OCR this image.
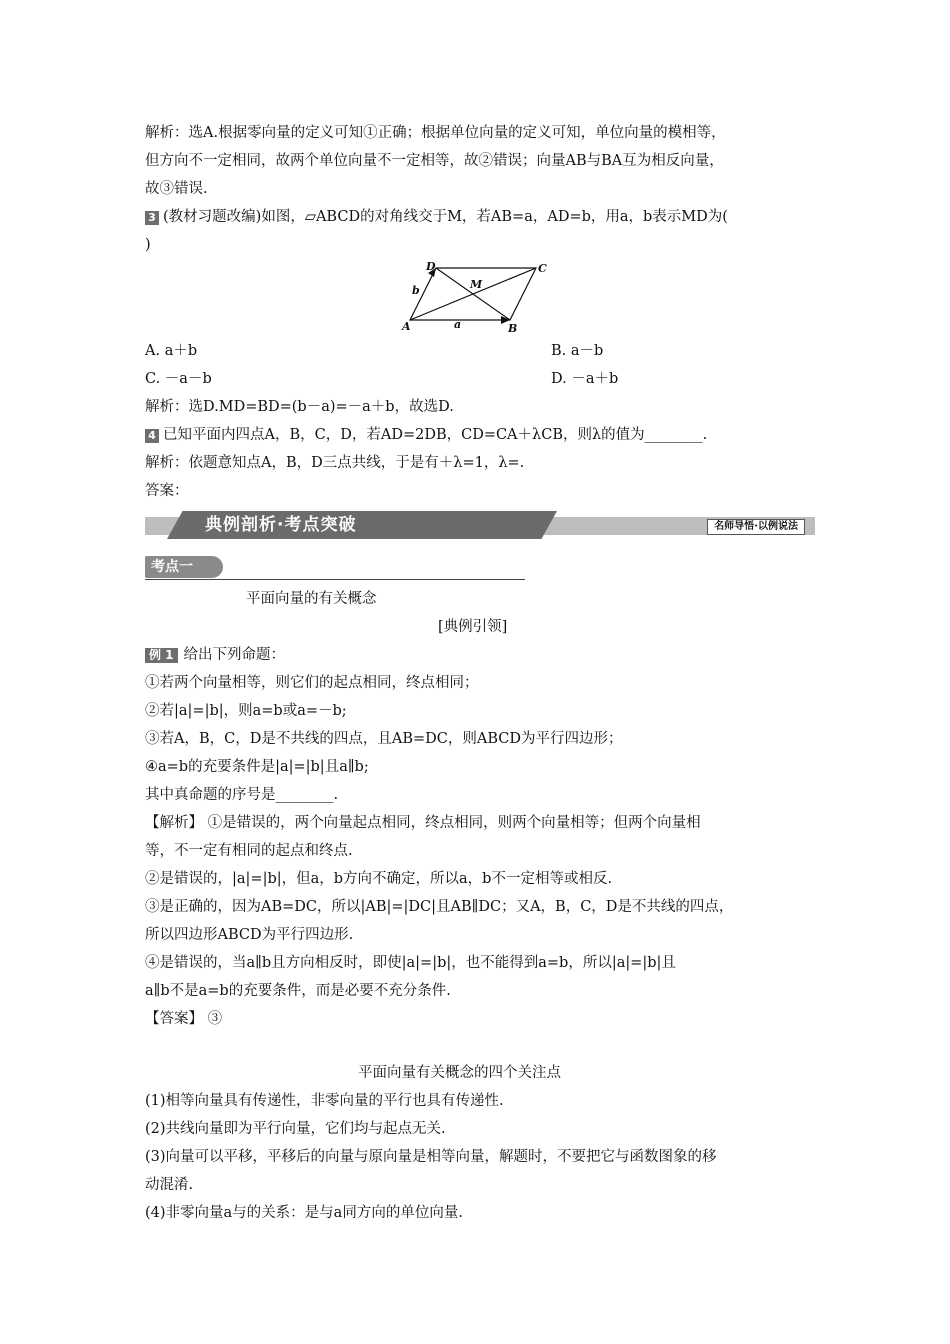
解析：选A.根据零向量的定义可知①正确；根据单位向量的定义可知，单位向量的模相等，
但方向不一定相同，故两个单位向量不一定相等，故②错误；向量AB与BA互为相反向量，
故③错误.
3 (教材习题改编)如图，▱ABCD的对角线交于M，若AB=a，AD=b，用a，b表示MD为(
)
D	C
M
A	B
a
b
A. a＋b	B. a－b
C. －a－b	D. －a＋b
解析：选D.MD=BD=(b－a)=－a＋b，故选D.
4 已知平面内四点A，B，C，D，若AD=2DB，CD=CA＋λCB，则λ的值为________.
解析：依题意知点A，B，D三点共线，于是有＋λ=1，λ=.
答案：
典例剖析·考点突破	名师导悟·以例说法
考点一
平面向量的有关概念
[典例引领]
例 1 给出下列命题：
①若两个向量相等，则它们的起点相同，终点相同；
②若|a|=|b|，则a=b或a=－b;
③若A，B，C，D是不共线的四点，且AB=DC，则ABCD为平行四边形；
④a=b的充要条件是|a|=|b|且a∥b;
其中真命题的序号是________.
【解析】 ①是错误的，两个向量起点相同，终点相同，则两个向量相等；但两个向量相
等，不一定有相同的起点和终点.
②是错误的，|a|=|b|，但a，b方向不确定，所以a，b不一定相等或相反.
③是正确的，因为AB=DC，所以|AB|=|DC|且AB∥DC；又A，B，C，D是不共线的四点，
所以四边形ABCD为平行四边形.
④是错误的，当a∥b且方向相反时，即使|a|=|b|，也不能得到a=b，所以|a|=|b|且
a∥b不是a=b的充要条件，而是必要不充分条件.
【答案】 ③
平面向量有关概念的四个关注点
(1)相等向量具有传递性，非零向量的平行也具有传递性.
(2)共线向量即为平行向量，它们均与起点无关.
(3)向量可以平移，平移后的向量与原向量是相等向量，解题时，不要把它与函数图象的移
动混淆.
(4)非零向量a与的关系：是与a同方向的单位向量.
